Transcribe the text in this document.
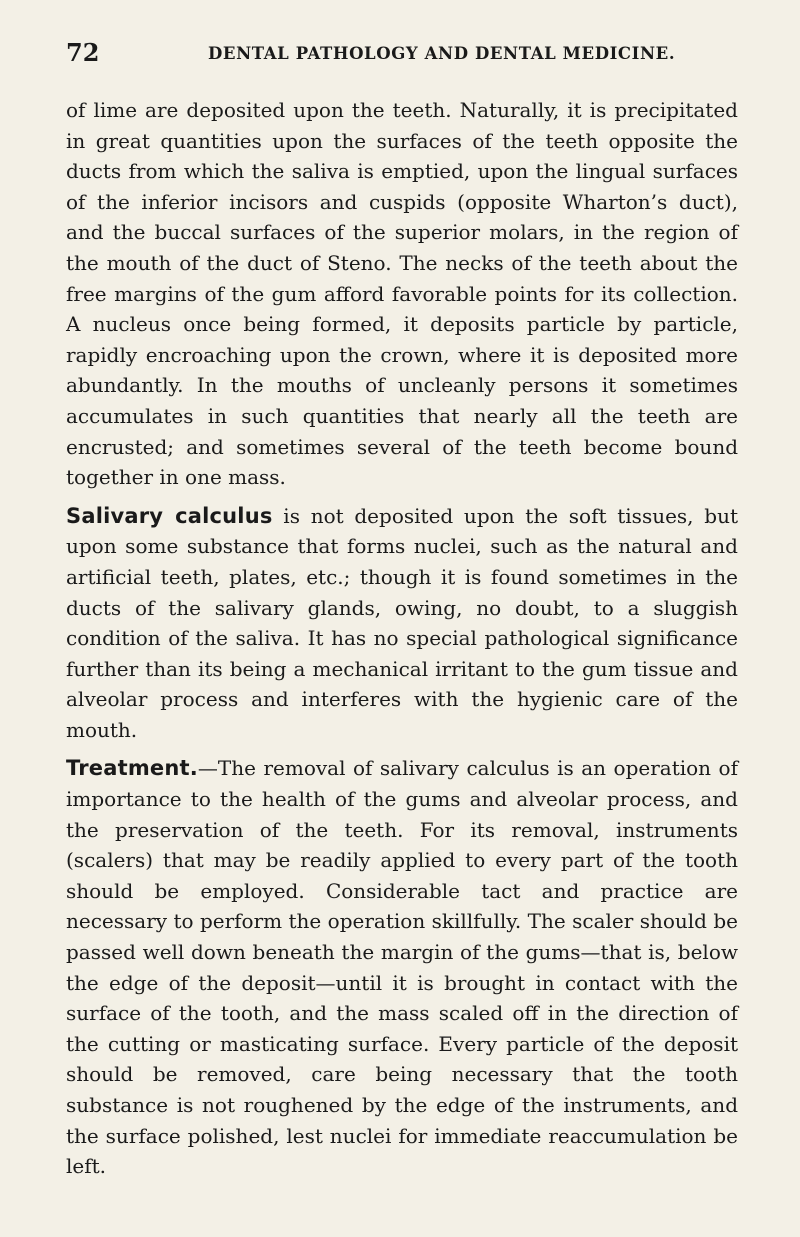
72	DENTAL PATHOLOGY AND DENTAL MEDICINE.

of lime are deposited upon the teeth. Naturally, it is precipitated in great quantities upon the surfaces of the teeth opposite the ducts from which the saliva is emptied, upon the lingual surfaces of the inferior incisors and cuspids (opposite Wharton’s duct), and the buccal surfaces of the superior molars, in the region of the mouth of the duct of Steno. The necks of the teeth about the free margins of the gum afford favorable points for its collection. A nucleus once being formed, it deposits particle by particle, rapidly encroaching upon the crown, where it is deposited more abundantly. In the mouths of uncleanly persons it sometimes accumulates in such quantities that nearly all the teeth are encrusted; and sometimes several of the teeth become bound together in one mass.

Salivary calculus is not deposited upon the soft tissues, but upon some substance that forms nuclei, such as the natural and artificial teeth, plates, etc.; though it is found sometimes in the ducts of the salivary glands, owing, no doubt, to a sluggish condition of the saliva. It has no special pathological significance further than its being a mechanical irritant to the gum tissue and alveolar process and interferes with the hygienic care of the mouth.

Treatment.—The removal of salivary calculus is an operation of importance to the health of the gums and alveolar process, and the preservation of the teeth. For its removal, instruments (scalers) that may be readily applied to every part of the tooth should be employed. Considerable tact and practice are necessary to perform the operation skillfully. The scaler should be passed well down beneath the margin of the gums—that is, below the edge of the deposit—until it is brought in contact with the surface of the tooth, and the mass scaled off in the direction of the cutting or masticating surface. Every particle of the deposit should be removed, care being necessary that the tooth substance is not roughened by the edge of the instruments, and the surface polished, lest nuclei for immediate reaccumulation be left.
